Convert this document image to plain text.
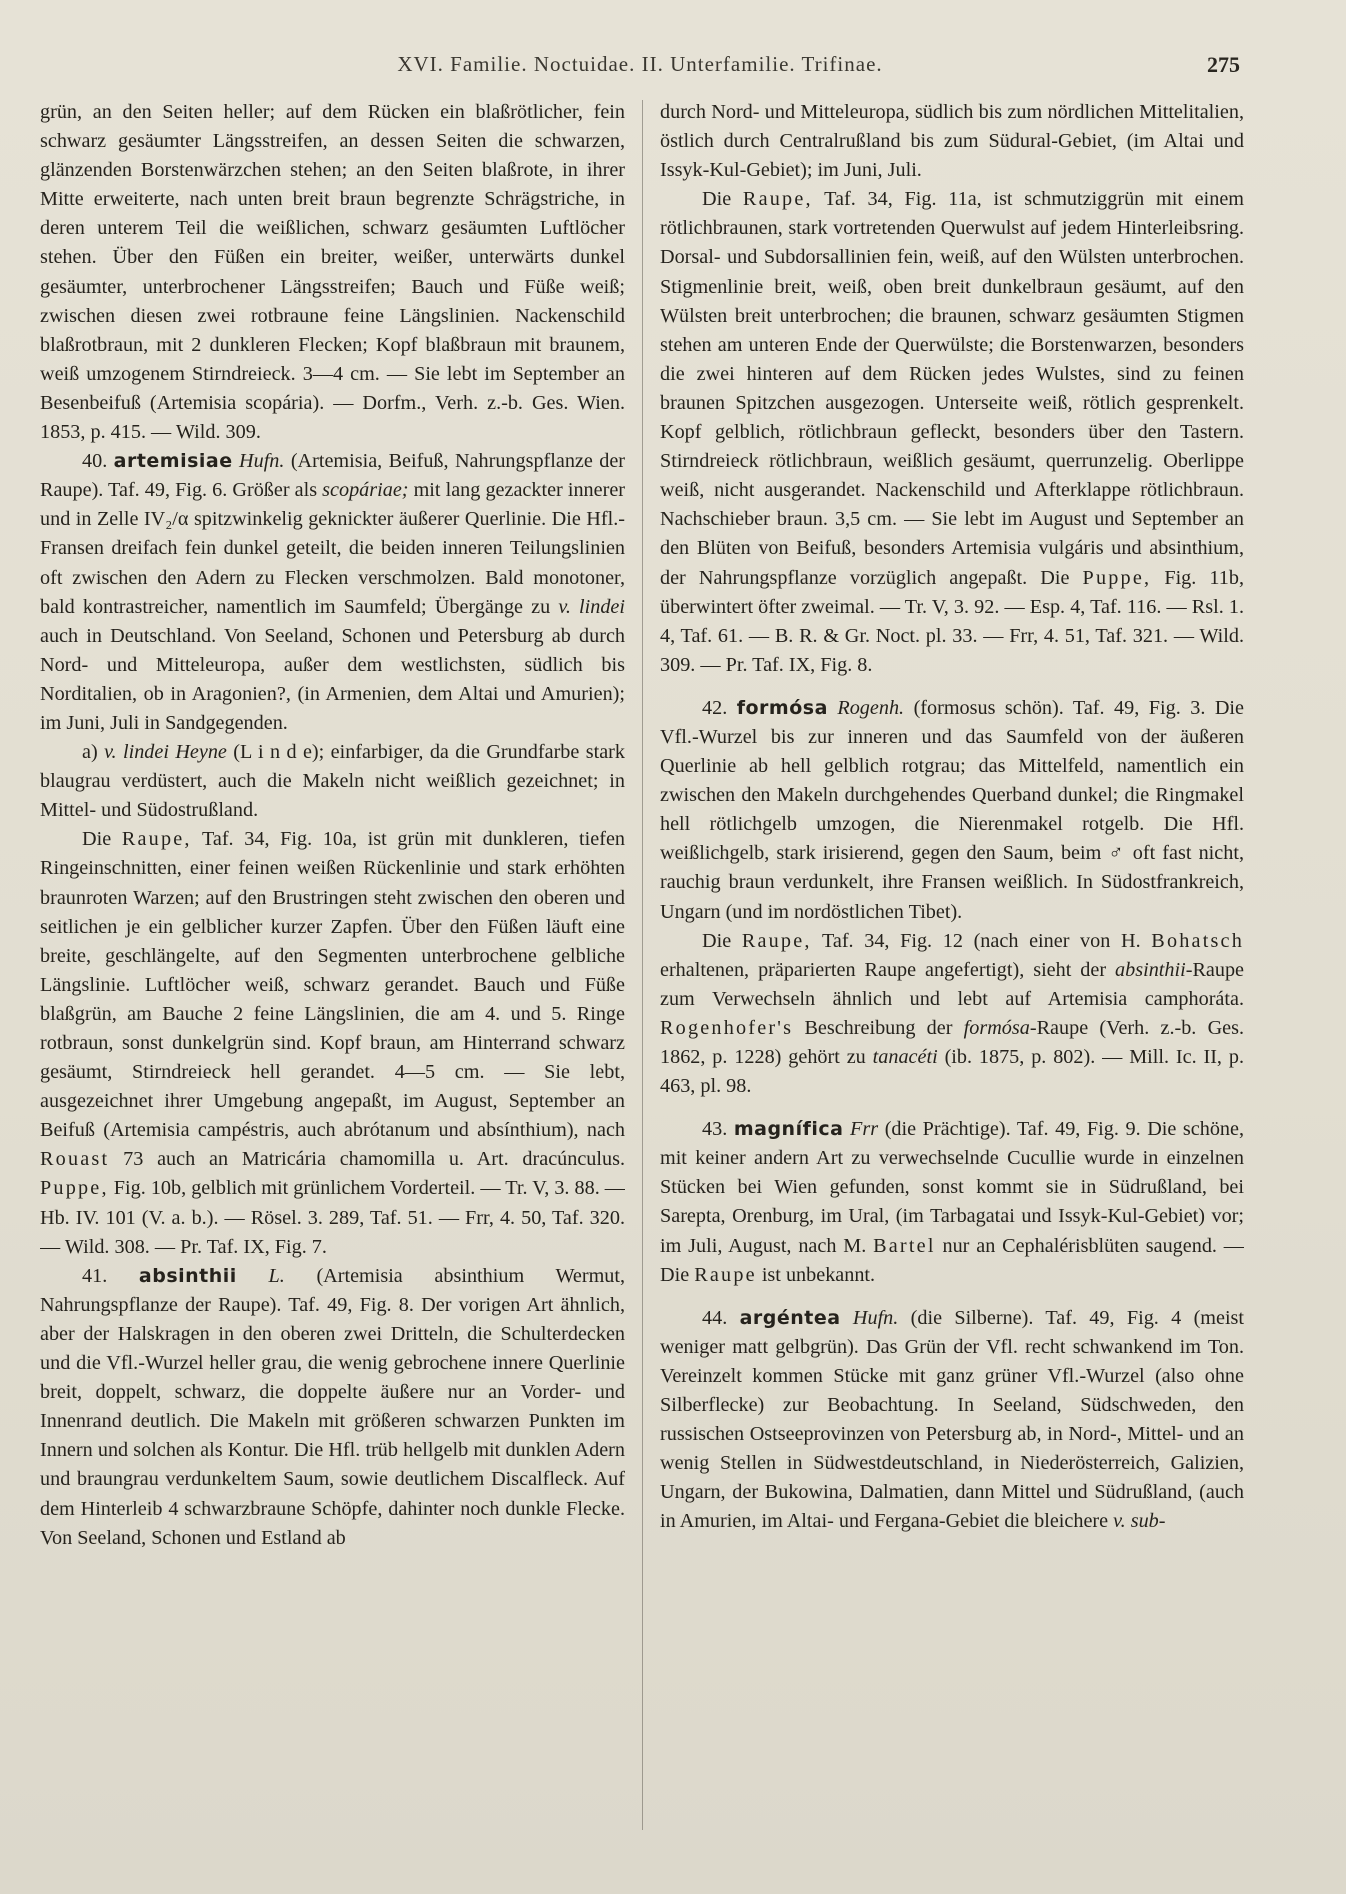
XVI. Familie. Noctuidae. II. Unterfamilie. Trifinae.	275

grün, an den Seiten heller; auf dem Rücken ein blaßrötlicher, fein schwarz gesäumter Längsstreifen, an dessen Seiten die schwarzen, glänzenden Borstenwärzchen stehen; an den Seiten blaßrote, in ihrer Mitte erweiterte, nach unten breit braun begrenzte Schrägstriche, in deren unterem Teil die weißlichen, schwarz gesäumten Luftlöcher stehen. Über den Füßen ein breiter, weißer, unterwärts dunkel gesäumter, unterbrochener Längsstreifen; Bauch und Füße weiß; zwischen diesen zwei rotbraune feine Längslinien. Nackenschild blaßrotbraun, mit 2 dunkleren Flecken; Kopf blaßbraun mit braunem, weiß umzogenem Stirndreieck. 3—4 cm. — Sie lebt im September an Besenbeifuß (Artemisia scopária). — Dorfm., Verh. z.-b. Ges. Wien. 1853, p. 415. — Wild. 309.

40. artemisiae Hufn. (Artemisia, Beifuß, Nahrungspflanze der Raupe). Taf. 49, Fig. 6. Größer als scopáriae; mit lang gezackter innerer und in Zelle IV₂/α spitzwinkelig geknickter äußerer Querlinie. Die Hfl.-Fransen dreifach fein dunkel geteilt, die beiden inneren Teilungslinien oft zwischen den Adern zu Flecken verschmolzen. Bald monotoner, bald kontrastreicher, namentlich im Saumfeld; Übergänge zu v. lindei auch in Deutschland. Von Seeland, Schonen und Petersburg ab durch Nord- und Mitteleuropa, außer dem westlichsten, südlich bis Norditalien, ob in Aragonien?, (in Armenien, dem Altai und Amurien); im Juni, Juli in Sandgegenden.

a) v. lindei Heyne (L i n d e); einfarbiger, da die Grundfarbe stark blaugrau verdüstert, auch die Makeln nicht weißlich gezeichnet; in Mittel- und Südostrußland.

Die Raupe, Taf. 34, Fig. 10a, ist grün mit dunkleren, tiefen Ringeinschnitten, einer feinen weißen Rückenlinie und stark erhöhten braunroten Warzen; auf den Brustringen steht zwischen den oberen und seitlichen je ein gelblicher kurzer Zapfen. Über den Füßen läuft eine breite, geschlängelte, auf den Segmenten unterbrochene gelbliche Längslinie. Luftlöcher weiß, schwarz gerandet. Bauch und Füße blaßgrün, am Bauche 2 feine Längslinien, die am 4. und 5. Ringe rotbraun, sonst dunkelgrün sind. Kopf braun, am Hinterrand schwarz gesäumt, Stirndreieck hell gerandet. 4—5 cm. — Sie lebt, ausgezeichnet ihrer Umgebung angepaßt, im August, September an Beifuß (Artemisia campéstris, auch abrótanum und absínthium), nach Rouast 73 auch an Matricária chamomilla u. Art. dracúnculus. Puppe, Fig. 10b, gelblich mit grünlichem Vorderteil. — Tr. V, 3. 88. — Hb. IV. 101 (V. a. b.). — Rösel. 3. 289, Taf. 51. — Frr, 4. 50, Taf. 320. — Wild. 308. — Pr. Taf. IX, Fig. 7.

41. absinthii L. (Artemisia absinthium Wermut, Nahrungspflanze der Raupe). Taf. 49, Fig. 8. Der vorigen Art ähnlich, aber der Halskragen in den oberen zwei Dritteln, die Schulterdecken und die Vfl.-Wurzel heller grau, die wenig gebrochene innere Querlinie breit, doppelt, schwarz, die doppelte äußere nur an Vorder- und Innenrand deutlich. Die Makeln mit größeren schwarzen Punkten im Innern und solchen als Kontur. Die Hfl. trüb hellgelb mit dunklen Adern und braungrau verdunkeltem Saum, sowie deutlichem Discalfleck. Auf dem Hinterleib 4 schwarzbraune Schöpfe, dahinter noch dunkle Flecke. Von Seeland, Schonen und Estland ab

durch Nord- und Mitteleuropa, südlich bis zum nördlichen Mittelitalien, östlich durch Centralrußland bis zum Südural-Gebiet, (im Altai und Issyk-Kul-Gebiet); im Juni, Juli.

Die Raupe, Taf. 34, Fig. 11a, ist schmutziggrün mit einem rötlichbraunen, stark vortretenden Querwulst auf jedem Hinterleibsring. Dorsal- und Subdorsallinien fein, weiß, auf den Wülsten unterbrochen. Stigmenlinie breit, weiß, oben breit dunkelbraun gesäumt, auf den Wülsten breit unterbrochen; die braunen, schwarz gesäumten Stigmen stehen am unteren Ende der Querwülste; die Borstenwarzen, besonders die zwei hinteren auf dem Rücken jedes Wulstes, sind zu feinen braunen Spitzchen ausgezogen. Unterseite weiß, rötlich gesprenkelt. Kopf gelblich, rötlichbraun gefleckt, besonders über den Tastern. Stirndreieck rötlichbraun, weißlich gesäumt, querrunzelig. Oberlippe weiß, nicht ausgerandet. Nackenschild und Afterklappe rötlichbraun. Nachschieber braun. 3,5 cm. — Sie lebt im August und September an den Blüten von Beifuß, besonders Artemisia vulgáris und absinthium, der Nahrungspflanze vorzüglich angepaßt. Die Puppe, Fig. 11b, überwintert öfter zweimal. — Tr. V, 3. 92. — Esp. 4, Taf. 116. — Rsl. 1. 4, Taf. 61. — B. R. & Gr. Noct. pl. 33. — Frr, 4. 51, Taf. 321. — Wild. 309. — Pr. Taf. IX, Fig. 8.

42. formósa Rogenh. (formosus schön). Taf. 49, Fig. 3. Die Vfl.-Wurzel bis zur inneren und das Saumfeld von der äußeren Querlinie ab hell gelblich rotgrau; das Mittelfeld, namentlich ein zwischen den Makeln durchgehendes Querband dunkel; die Ringmakel hell rötlichgelb umzogen, die Nierenmakel rotgelb. Die Hfl. weißlichgelb, stark irisierend, gegen den Saum, beim ♂ oft fast nicht, rauchig braun verdunkelt, ihre Fransen weißlich. In Südostfrankreich, Ungarn (und im nordöstlichen Tibet).

Die Raupe, Taf. 34, Fig. 12 (nach einer von H. Bohatsch erhaltenen, präparierten Raupe angefertigt), sieht der absinthii-Raupe zum Verwechseln ähnlich und lebt auf Artemisia camphoráta. Rogenhofer's Beschreibung der formósa-Raupe (Verh. z.-b. Ges. 1862, p. 1228) gehört zu tanacéti (ib. 1875, p. 802). — Mill. Ic. II, p. 463, pl. 98.

43. magnífica Frr (die Prächtige). Taf. 49, Fig. 9. Die schöne, mit keiner andern Art zu verwechselnde Cucullie wurde in einzelnen Stücken bei Wien gefunden, sonst kommt sie in Südrußland, bei Sarepta, Orenburg, im Ural, (im Tarbagatai und Issyk-Kul-Gebiet) vor; im Juli, August, nach M. Bartel nur an Cephalérisblüten saugend. — Die Raupe ist unbekannt.

44. argéntea Hufn. (die Silberne). Taf. 49, Fig. 4 (meist weniger matt gelbgrün). Das Grün der Vfl. recht schwankend im Ton. Vereinzelt kommen Stücke mit ganz grüner Vfl.-Wurzel (also ohne Silberflecke) zur Beobachtung. In Seeland, Südschweden, den russischen Ostseeprovinzen von Petersburg ab, in Nord-, Mittel- und an wenig Stellen in Südwestdeutschland, in Niederösterreich, Galizien, Ungarn, der Bukowina, Dalmatien, dann Mittel und Südrußland, (auch in Amurien, im Altai- und Fergana-Gebiet die bleichere v. sub-
